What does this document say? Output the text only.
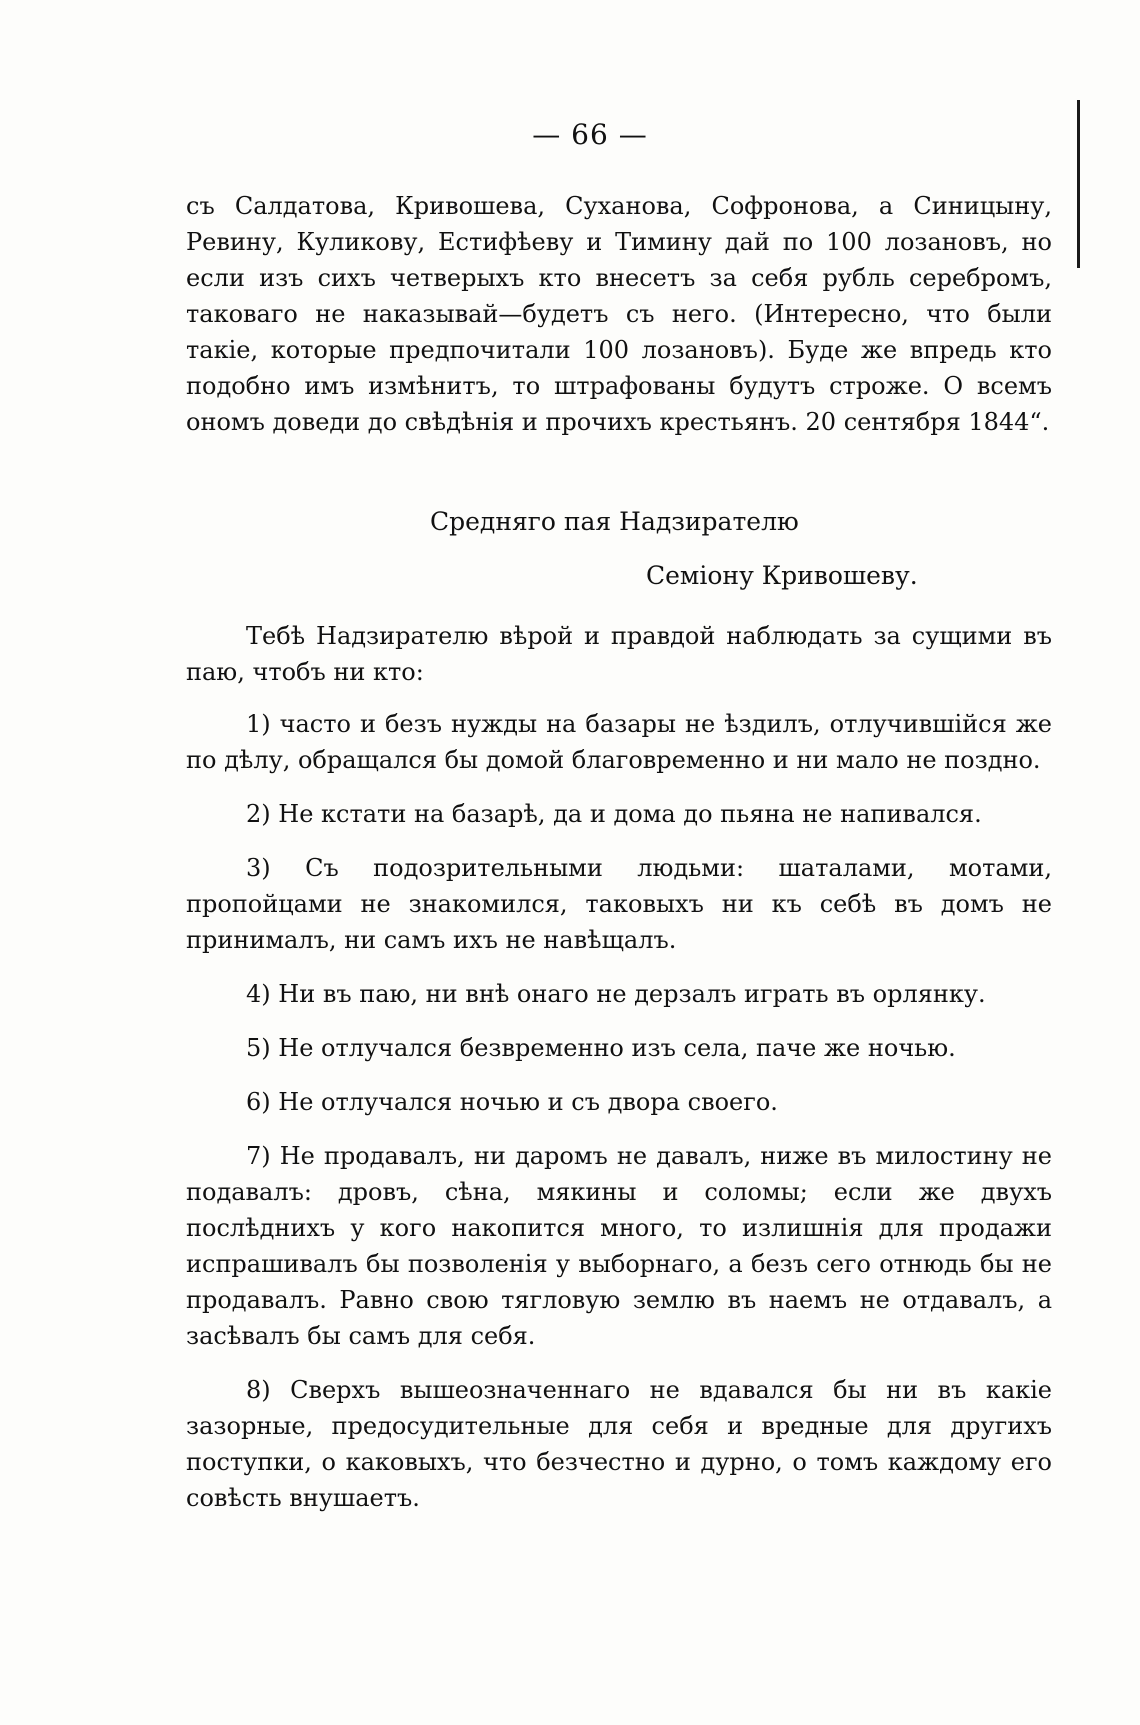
— 66 —
съ Салдатова, Кривошева, Суханова, Софронова, а Синицыну, Ревину, Куликову, Естифѣеву и Тимину дай по 100 лозановъ, но если изъ сихъ четверыхъ кто внесетъ за себя рубль серебромъ, таковаго не наказывай—будетъ съ него. (Интересно, что были такіе, которые предпочитали 100 лозановъ). Буде же впредь кто подобно имъ измѣнитъ, то штрафованы будутъ строже. О всемъ ономъ доведи до свѣдѣнія и прочихъ крестьянъ. 20 сентября 1844“.
Средняго пая Надзирателю
Семіону Кривошеву.

Тебѣ Надзирателю вѣрой и правдой наблюдать за сущими въ паю, чтобъ ни кто:

1) часто и безъ нужды на базары не ѣздилъ, отлучившійся же по дѣлу, обращался бы домой благовременно и ни мало не поздно.

2) Не кстати на базарѣ, да и дома до пьяна не напивался.

3) Съ подозрительными людьми: шаталами, мотами, пропойцами не знакомился, таковыхъ ни къ себѣ въ домъ не принималъ, ни самъ ихъ не навѣщалъ.

4) Ни въ паю, ни внѣ онаго не дерзалъ играть въ орлянку.

5) Не отлучался безвременно изъ села, паче же ночью.

6) Не отлучался ночью и съ двора своего.

7) Не продавалъ, ни даромъ не давалъ, ниже въ милостину не подавалъ: дровъ, сѣна, мякины и соломы; если же двухъ послѣднихъ у кого накопится много, то излишнія для продажи испрашивалъ бы позволенія у выборнаго, а безъ сего отнюдь бы не продавалъ. Равно свою тягловую землю въ наемъ не отдавалъ, а засѣвалъ бы самъ для себя.

8) Сверхъ вышеозначеннаго не вдавался бы ни въ какіе зазорные, предосудительные для себя и вредные для другихъ поступки, о каковыхъ, что безчестно и дурно, о томъ каждому его совѣсть внушаетъ.
